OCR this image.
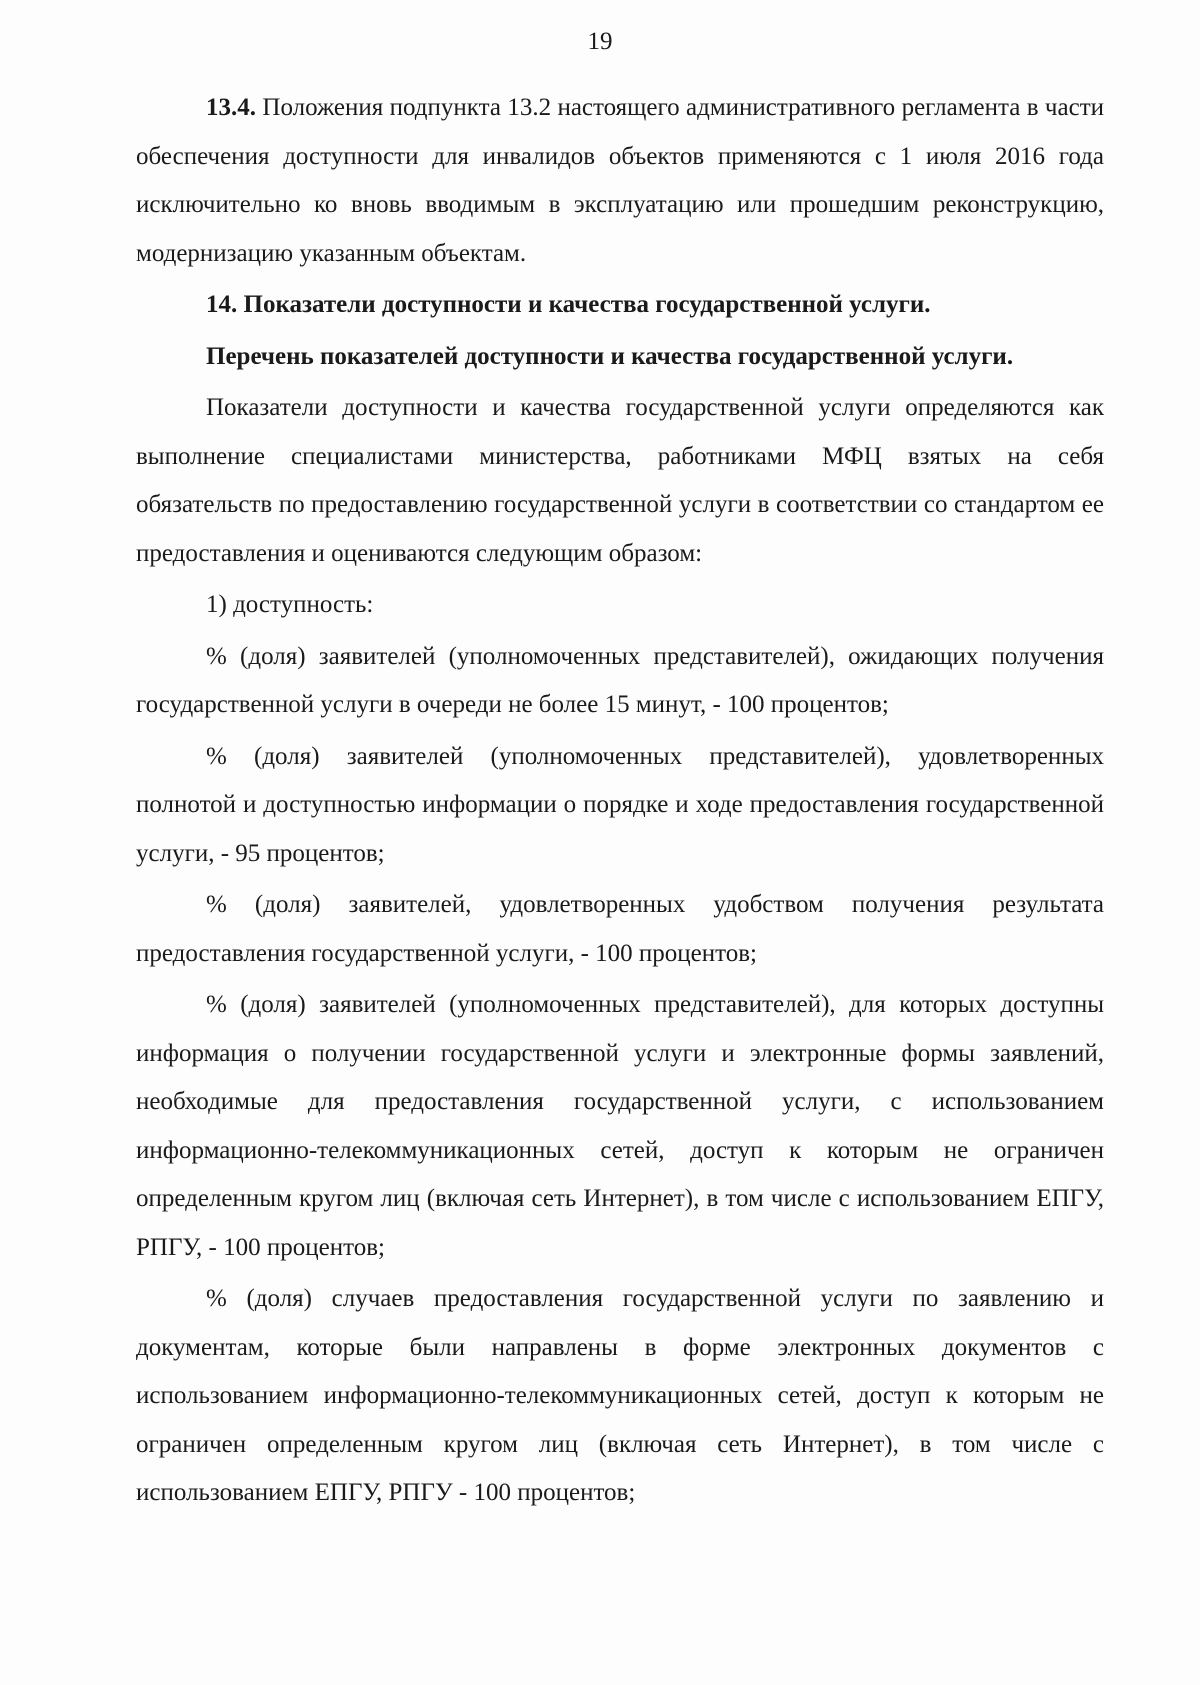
19

13.4. Положения подпункта 13.2 настоящего административного регламента в части обеспечения доступности для инвалидов объектов применяются с 1 июля 2016 года исключительно ко вновь вводимым в эксплуатацию или прошедшим реконструкцию, модернизацию указанным объектам.

14. Показатели доступности и качества государственной услуги.

Перечень показателей доступности и качества государственной услуги.

Показатели доступности и качества государственной услуги определяются как выполнение специалистами министерства, работниками МФЦ взятых на себя обязательств по предоставлению государственной услуги в соответствии со стандартом ее предоставления и оцениваются следующим образом:

1) доступность:

% (доля) заявителей (уполномоченных представителей), ожидающих получения государственной услуги в очереди не более 15 минут, - 100 процентов;

% (доля) заявителей (уполномоченных представителей), удовлетворенных полнотой и доступностью информации о порядке и ходе предоставления государственной услуги, - 95 процентов;

% (доля) заявителей, удовлетворенных удобством получения результата предоставления государственной услуги, - 100 процентов;

% (доля) заявителей (уполномоченных представителей), для которых доступны информация о получении государственной услуги и электронные формы заявлений, необходимые для предоставления государственной услуги, с использованием информационно-телекоммуникационных сетей, доступ к которым не ограничен определенным кругом лиц (включая сеть Интернет), в том числе с использованием ЕПГУ, РПГУ, - 100 процентов;

% (доля) случаев предоставления государственной услуги по заявлению и документам, которые были направлены в форме электронных документов с использованием информационно-телекоммуникационных сетей, доступ к которым не ограничен определенным кругом лиц (включая сеть Интернет), в том числе с использованием ЕПГУ, РПГУ - 100 процентов;
